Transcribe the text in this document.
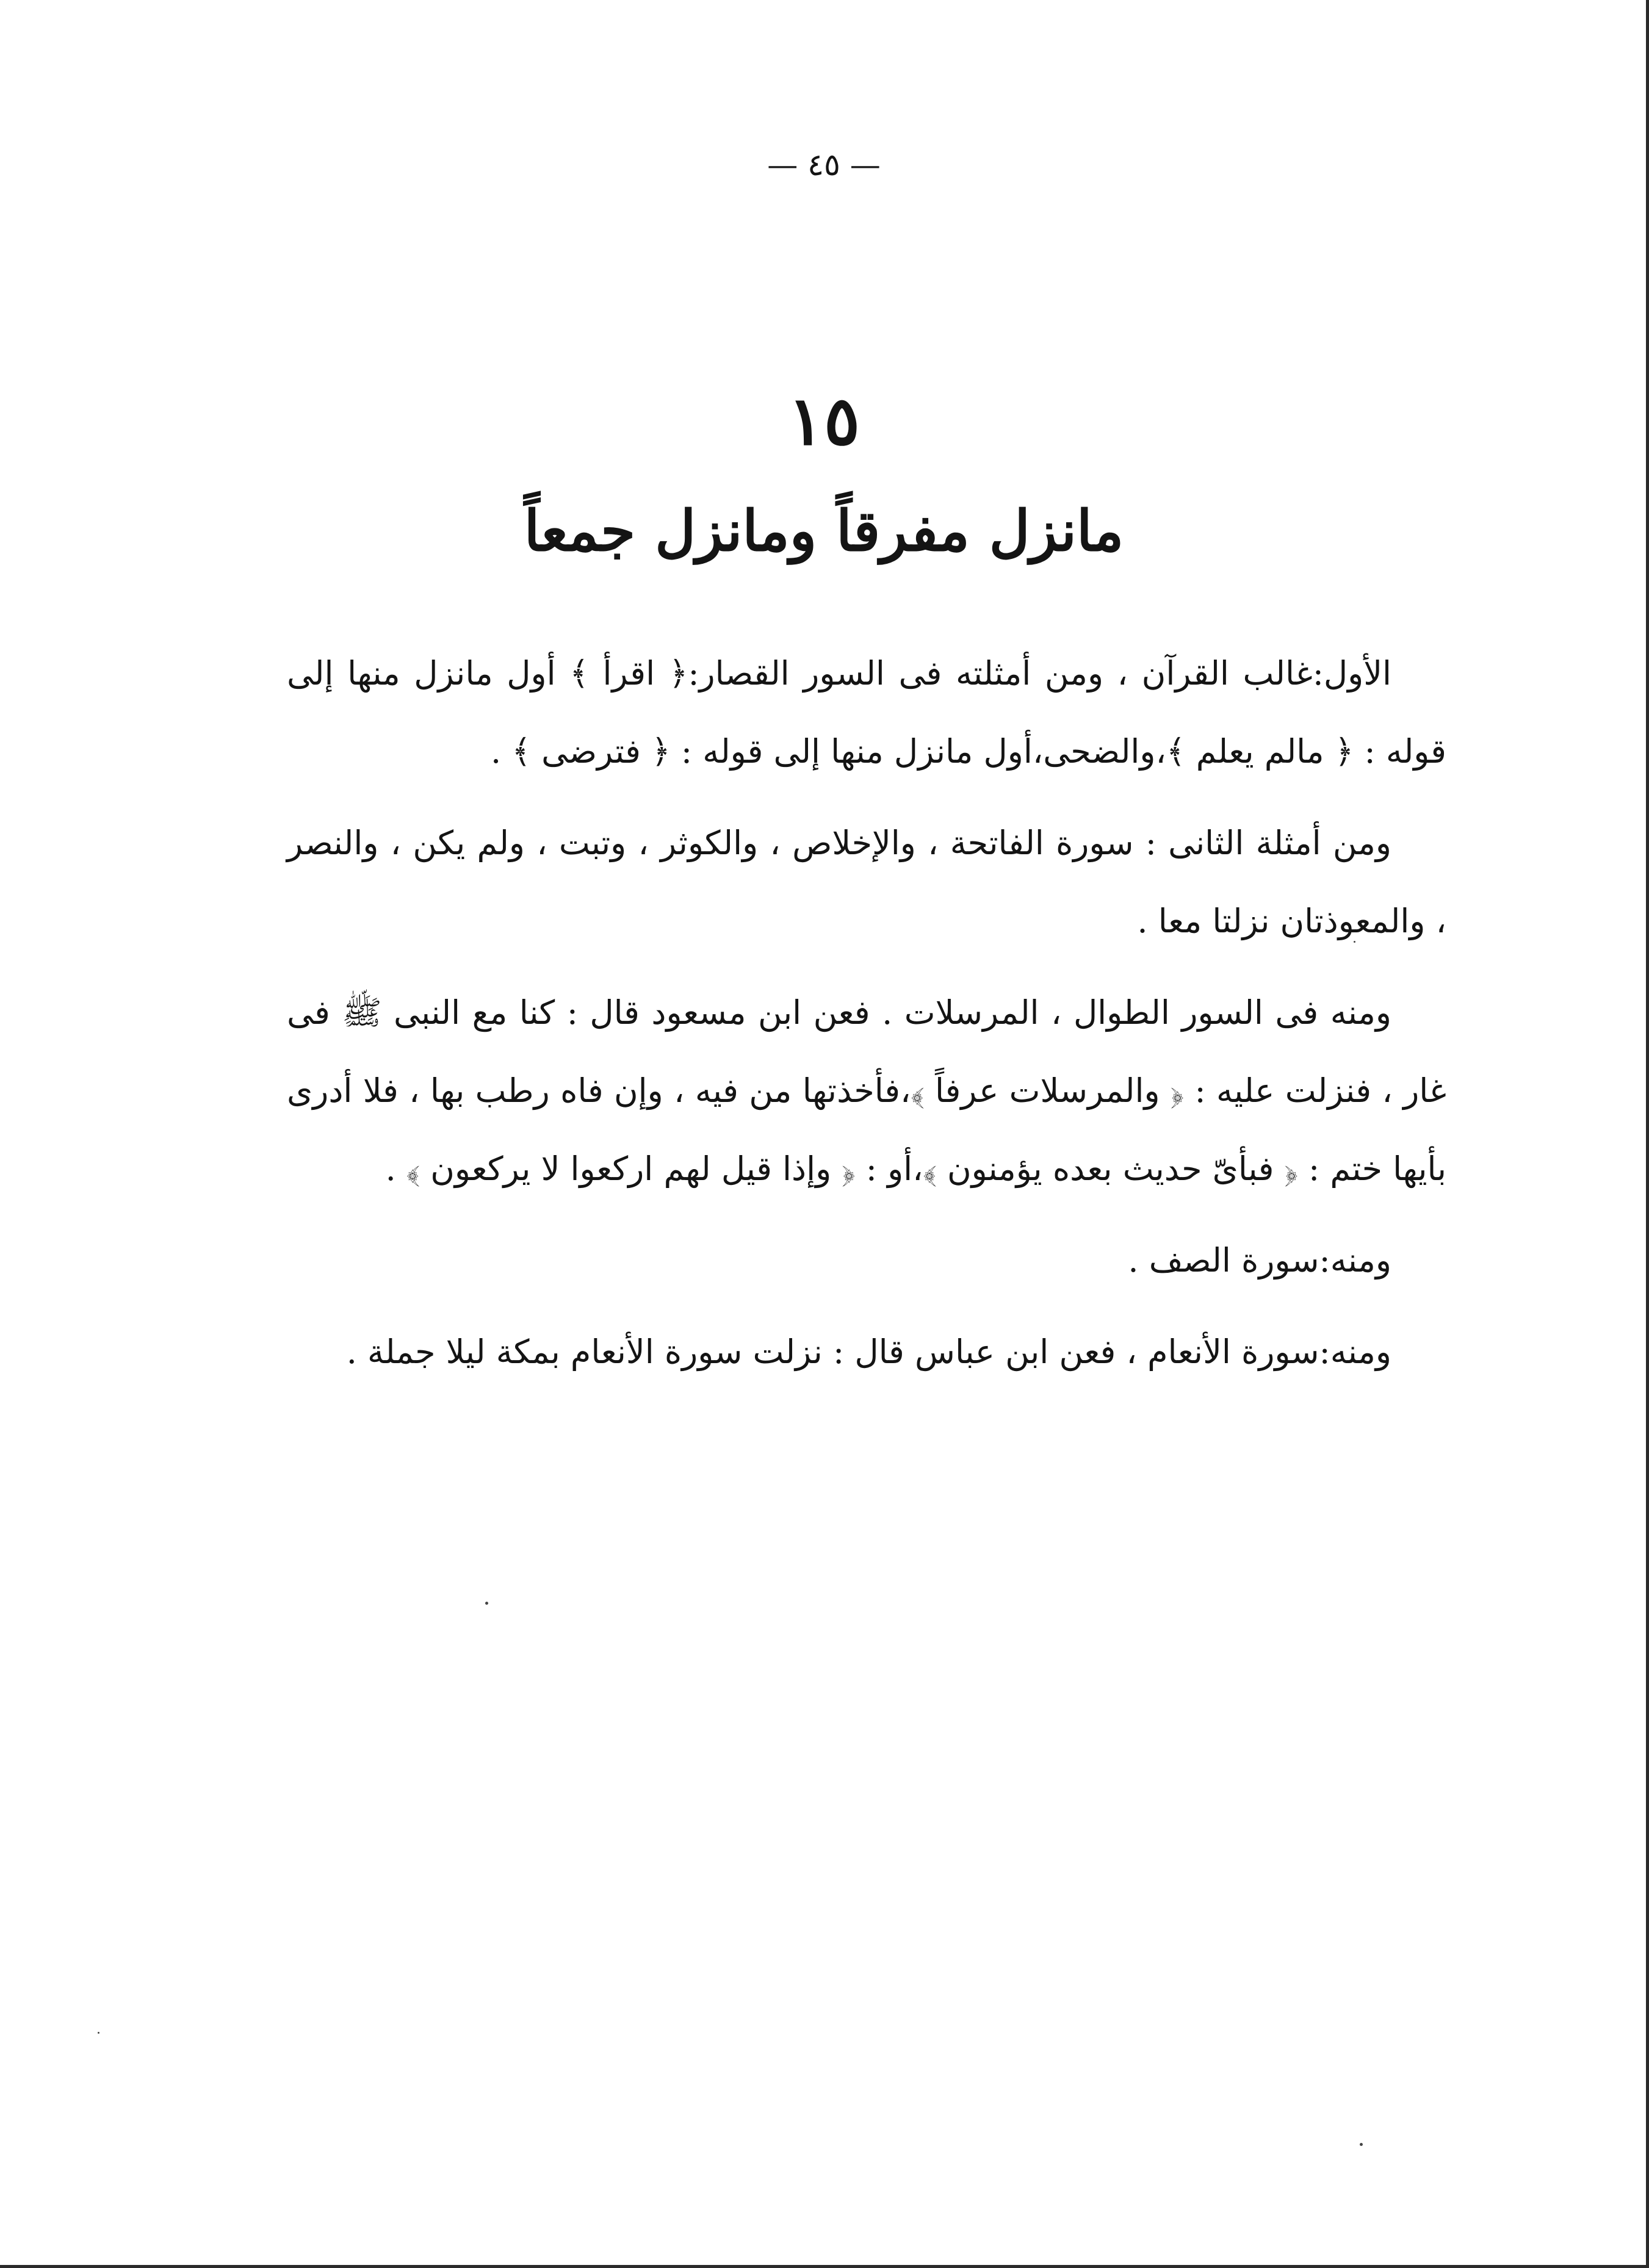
— ٤٥ —
١٥
مانزل مفرقاً ومانزل جمعاً

الأول:غالب القرآن ، ومن أمثلته فى السور القصار:﴿ اقرأ ﴾ أول مانزل منها إلى قوله : ﴿ مالم يعلم ﴾،والضحى،أول مانزل منها إلى قوله : ﴿ فترضى ﴾ .

ومن أمثلة الثانى : سورة الفاتحة ، والإخلاص ، والكوثر ، وتبت ، ولم يكن ، والنصر ، والمعوذتان نزلتا معا .

ومنه فى السور الطوال ، المرسلات . فعن ابن مسعود قال : كنا مع النبى ﷺ فى غار ، فنزلت عليه : ﴿ والمرسلات عرفاً ﴾،فأخذتها من فيه ، وإن فاه رطب بها ، فلا أدرى بأيها ختم : ﴿ فبأىّ حديث بعده يؤمنون ﴾،أو : ﴿ وإذا قيل لهم اركعوا لا يركعون ﴾ .

ومنه:سورة الصف .

ومنه:سورة الأنعام ، فعن ابن عباس قال : نزلت سورة الأنعام بمكة ليلا جملة .
